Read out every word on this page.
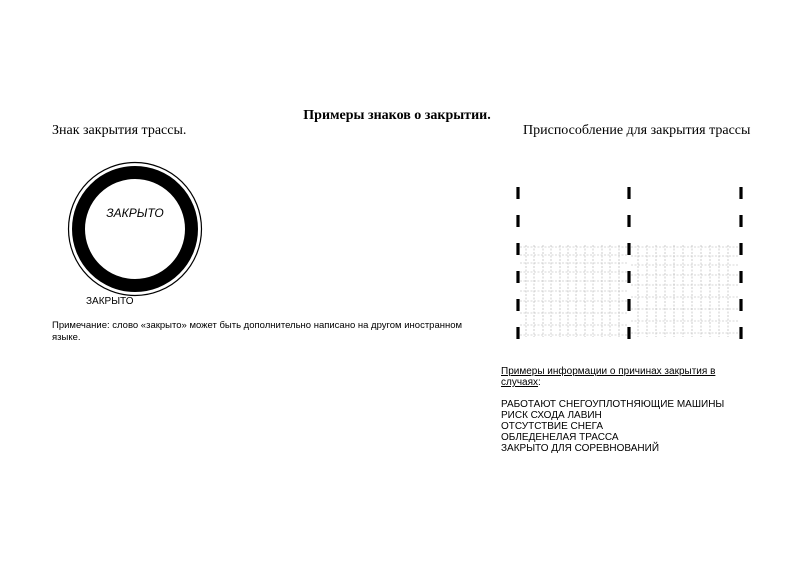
Примеры знаков о закрытии.
Знак закрытия трассы.	Приспособление для закрытия трассы
ЗАКРЫТО
ЗАКРЫТО
Примечание: слово «закрыто» может быть дополнительно написано на другом иностранном языке.
Примеры информации о причинах закрытия в случаях:
РАБОТАЮТ СНЕГОУПЛОТНЯЮЩИЕ МАШИНЫ
РИСК СХОДА ЛАВИН
ОТСУТСТВИЕ СНЕГА
ОБЛЕДЕНЕЛАЯ ТРАССА
ЗАКРЫТО ДЛЯ СОРЕВНОВАНИЙ
